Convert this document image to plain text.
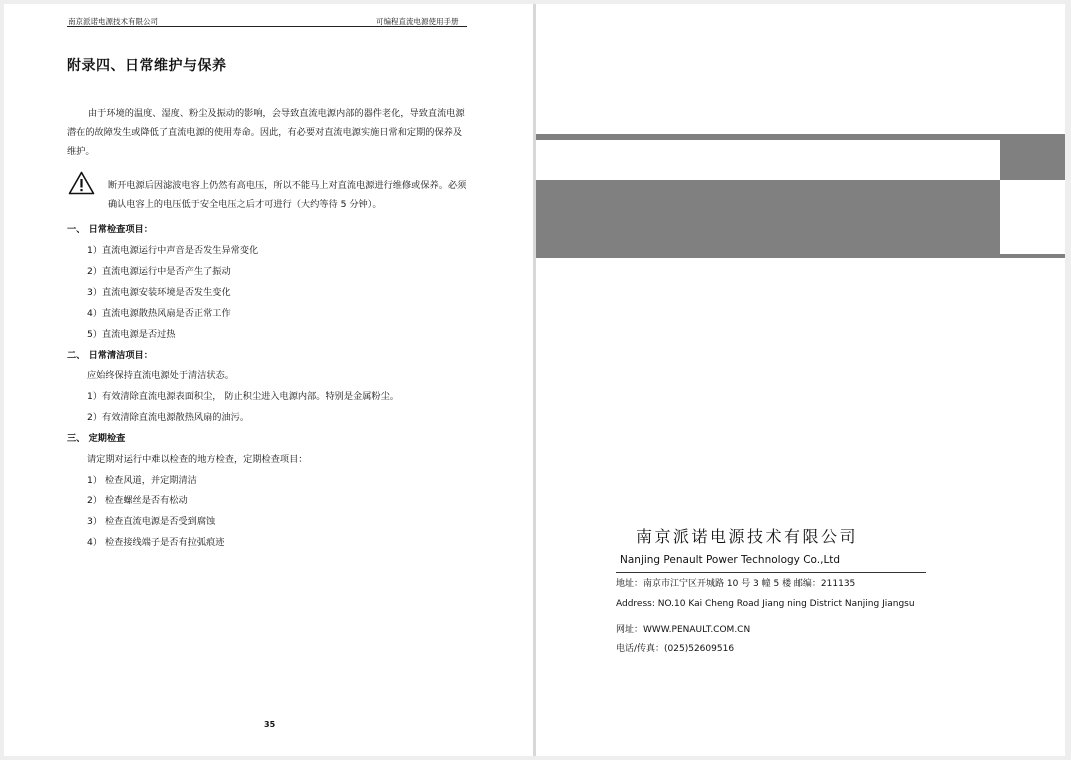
南京派诺电源技术有限公司	可编程直流电源使用手册
附录四、日常维护与保养

由于环境的温度、湿度、粉尘及振动的影响，会导致直流电源内部的器件老化，导致直流电源潜在的故障发生或降低了直流电源的使用寿命。因此，有必要对直流电源实施日常和定期的保养及维护。

断开电源后因滤波电容上仍然有高电压，所以不能马上对直流电源进行维修或保养。必须确认电容上的电压低于安全电压之后才可进行（大约等待 5 分钟）。

一、 日常检查项目：
1）直流电源运行中声音是否发生异常变化
2）直流电源运行中是否产生了振动
3）直流电源安装环境是否发生变化
4）直流电源散热风扇是否正常工作
5）直流电源是否过热
二、 日常清洁项目：
应始终保持直流电源处于清洁状态。
1）有效清除直流电源表面积尘， 防止积尘进入电源内部。特别是金属粉尘。
2）有效清除直流电源散热风扇的油污。
三、 定期检查
请定期对运行中难以检查的地方检查，定期检查项目：
1） 检查风道，并定期清洁
2） 检查螺丝是否有松动
3） 检查直流电源是否受到腐蚀
4） 检查接线端子是否有拉弧痕迹
35
南京派诺电源技术有限公司
Nanjing Penault Power Technology Co.,Ltd
地址：南京市江宁区开城路 10 号 3 幢 5 楼 邮编：211135
Address: NO.10 Kai Cheng Road Jiang ning District Nanjing Jiangsu
网址：WWW.PENAULT.COM.CN
电话/传真：(025)52609516
